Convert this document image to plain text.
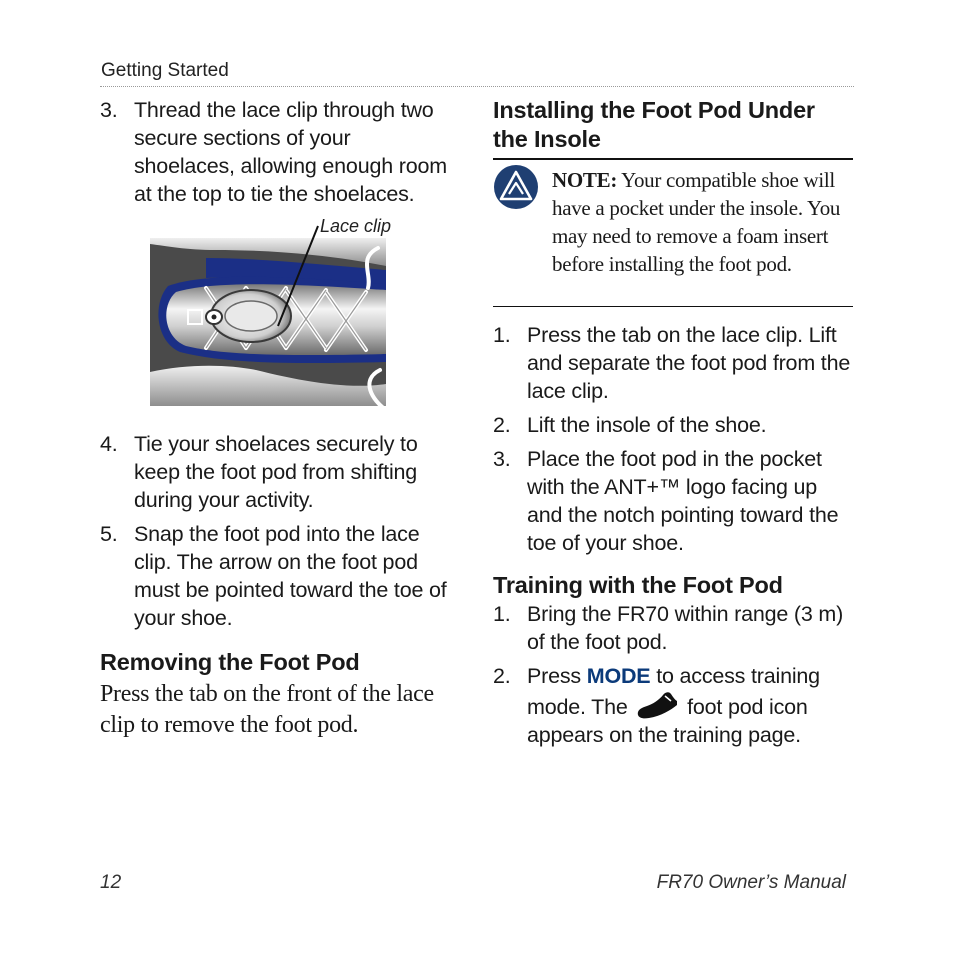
Getting Started
3. Thread the lace clip through two secure sections of your shoelaces, allowing enough room at the top to tie the shoelaces.
Lace clip
4. Tie your shoelaces securely to keep the foot pod from shifting during your activity.
5. Snap the foot pod into the lace clip. The arrow on the foot pod must be pointed toward the toe of your shoe.
Removing the Foot Pod

Press the tab on the front of the lace clip to remove the foot pod.

Installing the Foot Pod Under the Insole
NOTE: Your compatible shoe will have a pocket under the insole. You may need to remove a foam insert before installing the foot pod.
1. Press the tab on the lace clip. Lift and separate the foot pod from the lace clip.
2. Lift the insole of the shoe.
3. Place the foot pod in the pocket with the ANT+™ logo facing up and the notch pointing toward the toe of your shoe.
Training with the Foot Pod
1. Bring the FR70 within range (3 m) of the foot pod.
2. Press MODE to access training mode. The  foot pod icon appears on the training page.
12	FR70 Owner’s Manual
